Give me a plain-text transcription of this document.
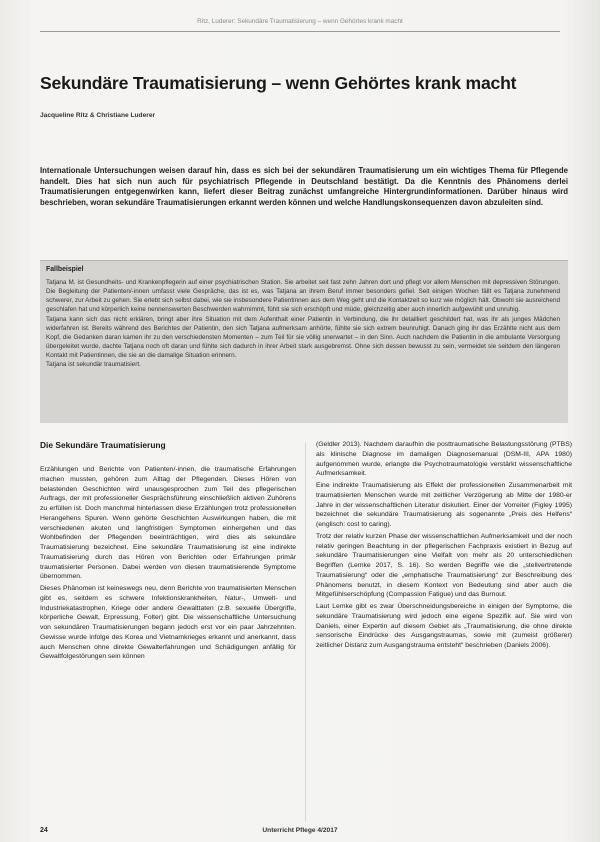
Ritz, Luderer: Sekundäre Traumatisierung – wenn Gehörtes krank macht
Sekundäre Traumatisierung – wenn Gehörtes krank macht
Jacqueline Ritz & Christiane Luderer
Internationale Untersuchungen weisen darauf hin, dass es sich bei der sekundären Traumatisierung um ein wichtiges Thema für Pflegende handelt. Dies hat sich nun auch für psychiatrisch Pflegende in Deutschland bestätigt. Da die Kenntnis des Phänomens derlei Traumatisierungen entgegenwirken kann, liefert dieser Beitrag zunächst umfangreiche Hintergrundinformationen. Darüber hinaus wird beschrieben, woran sekundäre Traumatisierungen erkannt werden können und welche Handlungskonsequenzen davon abzuleiten sind.
Fallbeispiel

Tatjana M. ist Gesundheits- und Krankenpflegerin auf einer psychiatrischen Station. Sie arbeitet seit fast zehn Jahren dort und pflegt vor allem Menschen mit depressiven Störungen. Die Begleitung der Patienten/-innen umfasst viele Gespräche, das ist es, was Tatjana an ihrem Beruf immer besonders gefiel. Seit einigen Wochen fällt es Tatjana zunehmend schwerer, zur Arbeit zu gehen. Sie erlebt sich selbst dabei, wie sie insbesondere Patientinnen aus dem Weg geht und die Kontaktzeit so kurz wie möglich hält. Obwohl sie ausreichend geschlafen hat und körperlich keine nennenswerten Beschwerden wahrnimmt, fühlt sie sich erschöpft und müde, gleichzeitig aber auch innerlich aufgewühlt und unruhig.

Tatjana kann sich das nicht erklären, bringt aber ihre Situation mit dem Aufenthalt einer Patientin in Verbindung, die ihr detailliert geschildert hat, was ihr als junges Mädchen widerfahren ist. Bereits während des Berichtes der Patientin, den sich Tatjana aufmerksam anhörte, fühlte sie sich extrem beunruhigt. Danach ging ihr das Erzählte nicht aus dem Kopf, die Gedanken daran kamen ihr zu den verschiedensten Momenten – zum Teil für sie völlig unerwartet – in den Sinn. Auch nachdem die Patientin in die ambulante Versorgung übergeleitet wurde, dachte Tatjana noch oft daran und fühlte sich dadurch in ihrer Arbeit stark ausgebremst. Ohne sich dessen bewusst zu sein, vermeidet sie seitdem den längeren Kontakt mit Patientinnen, die sie an die damalige Situation erinnern.

Tatjana ist sekundär traumatisiert.

Die Sekundäre Traumatisierung

Erzählungen und Berichte von Patienten/-innen, die traumatische Erfahrungen machen mussten, gehören zum Alltag der Pflegenden. Dieses Hören von belastenden Geschichten wird unausgesprochen zum Teil des pflegerischen Auftrags, der mit professioneller Gesprächsführung einschließlich aktiven Zuhörens zu erfüllen ist. Doch manchmal hinterlassen diese Erzählungen trotz professionellen Herangehens Spuren. Wenn gehörte Geschichten Auswirkungen haben, die mit verschiedenen akuten und langfristigen Symptomen einhergehen und das Wohlbefinden der Pflegenden beeinträchtigen, wird dies als sekundäre Traumatisierung bezeichnet. Eine sekundäre Traumatisierung ist eine indirekte Traumatisierung durch das Hören von Berichten oder Erfahrungen primär traumatisierter Personen. Dabei werden von diesen traumatisierende Symptome übernommen.

Dieses Phänomen ist keineswegs neu, denn Berichte von traumatisierten Menschen gibt es, seitdem es schwere Infektionskrankheiten, Natur-, Umwelt- und Industriekatastrophen, Kriege oder andere Gewalttaten (z.B. sexuelle Übergriffe, körperliche Gewalt, Erpressung, Folter) gibt. Die wissenschaftliche Untersuchung von sekundären Traumatisierungen begann jedoch erst vor ein paar Jahrzehnten. Gewisse wurde infolge des Korea und Vietnamkrieges erkannt und anerkannt, dass auch Menschen ohne direkte Gewalterfahrungen und Schädigungen anfällig für Gewaltfolgestörungen sein können

(Geldler 2013). Nachdem daraufhin die posttraumatische Belastungsstörung (PTBS) als klinische Diagnose im damaligen Diagnosemanual (DSM-III, APA 1980) aufgenommen wurde, erlangte die Psychotraumatologie verstärkt wissenschaftliche Aufmerksamkeit.

Eine indirekte Traumatisierung als Effekt der professionellen Zusammenarbeit mit traumatisierten Menschen wurde mit zeitlicher Verzögerung ab Mitte der 1980-er Jahre in der wissenschaftlichen Literatur diskutiert. Einer der Vorreiter (Figley 1995) bezeichnet die sekundäre Traumatisierung als sogenannte „Preis des Helfens“ (englisch: cost to caring).

Trotz der relativ kurzen Phase der wissenschaftlichen Aufmerksamkeit und der noch relativ geringen Beachtung in der pflegerischen Fachpraxis existiert in Bezug auf sekundäre Traumatisierungen eine Vielfalt von mehr als 20 unterschiedlichen Begriffen (Lemke 2017, S. 16). So werden Begriffe wie die „stellvertretende Traumatisierung“ oder die „emphatische Traumatisierung“ zur Beschreibung des Phänomens benutzt, in diesem Kontext von Bedeutung sind aber auch die Mitgefühlserschöpfung (Compassion Fatigue) und das Burnout.

Laut Lemke gibt es zwar Überschneidungsbereiche in einigen der Symptome, die sekundäre Traumatisierung wird jedoch eine eigene Spezifik auf. Sie wird von Daniels, einer Expertin auf diesem Gebiet als „Traumatisierung, die ohne direkte sensorische Eindrücke des Ausgangstraumas, sowie mit (zumeist größerer) zeitlicher Distanz zum Ausgangstrauma entsteht“ beschrieben (Daniels 2006).

24	Unterricht Pflege 4/2017
